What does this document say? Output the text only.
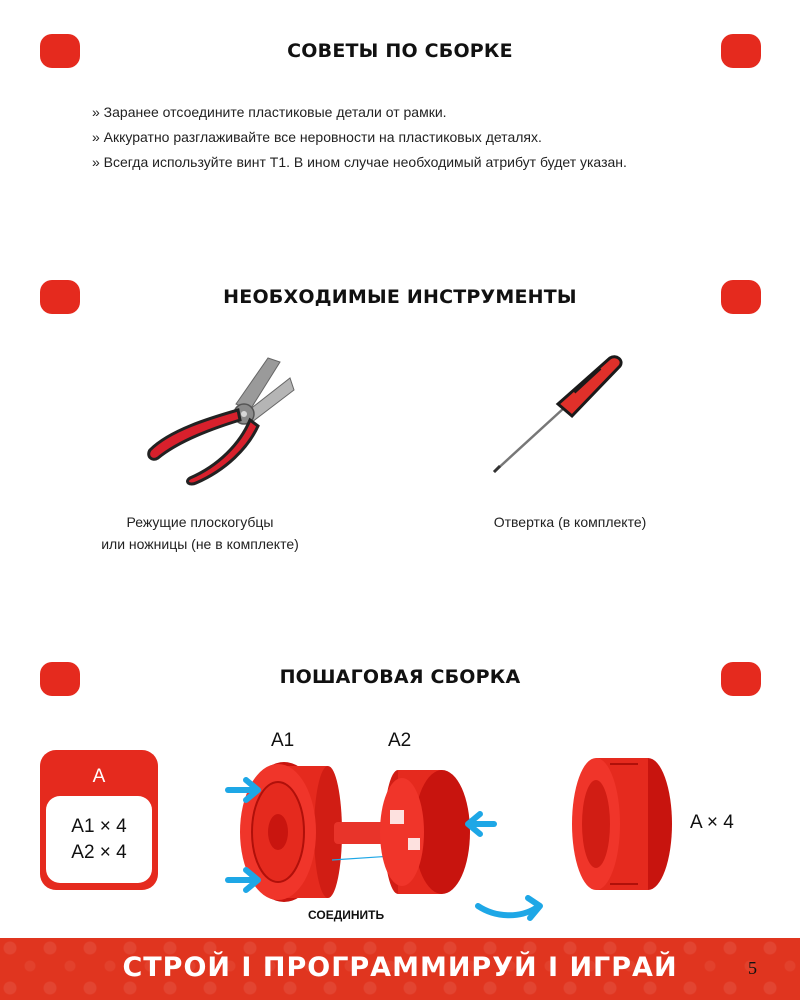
СОВЕТЫ ПО СБОРКЕ
» Заранее отсоедините пластиковые детали от рамки.
» Аккуратно разглаживайте все неровности на пластиковых деталях.
» Всегда используйте винт Т1. В ином случае необходимый атрибут будет указан.
НЕОБХОДИМЫЕ ИНСТРУМЕНТЫ
Режущие плоскогубцы
или ножницы (не в комплекте)
Отвертка (в комплекте)
ПОШАГОВАЯ СБОРКА
A
A1 × 4
A2 × 4
A1	A2
СОЕДИНИТЬ
A × 4
СТРОЙ I ПРОГРАММИРУЙ I ИГРАЙ	5
